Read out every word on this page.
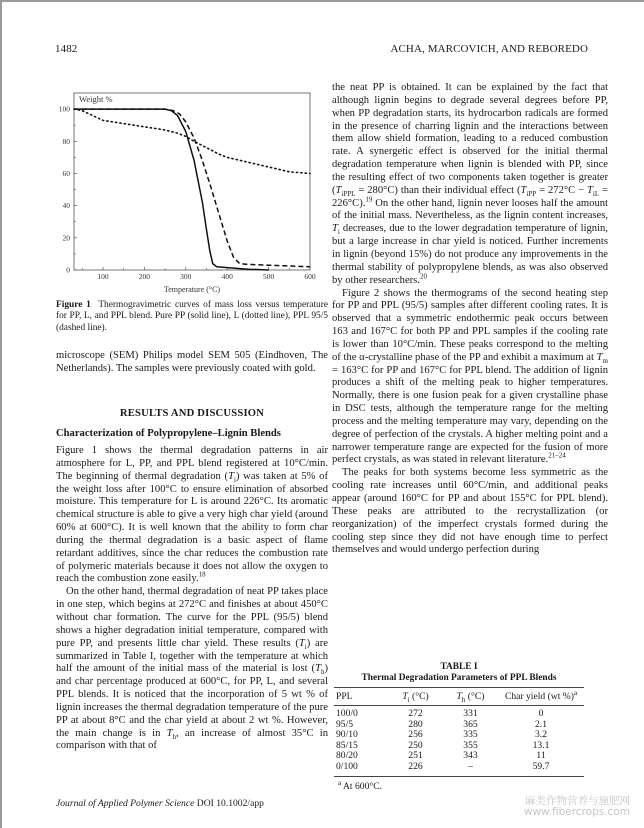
1482	ACHA, MARCOVICH, AND REBOREDO
Weight %
0
20
40
60
80
100
100	200	300	400	500	600
Temperature (°C)
Figure 1 Thermogravimetric curves of mass loss versus temperature for PP, L, and PPL blend. Pure PP (solid line), L (dotted line), PPL 95/5 (dashed line).

microscope (SEM) Philips model SEM 505 (Eindhoven, The Netherlands). The samples were previously coated with gold.

RESULTS AND DISCUSSION
Characterization of Polypropylene–Lignin Blends

Figure 1 shows the thermal degradation patterns in air atmosphere for L, PP, and PPL blend registered at 10°C/min. The beginning of thermal degradation $(T_i)$ was taken at 5% of the weight loss after 100°C to ensure elimination of absorbed moisture. This temperature for L is around 226°C. Its aromatic chemical structure is able to give a very high char yield (around 60% at 600°C). It is well known that the ability to form char during the thermal degradation is a basic aspect of flame retardant additives, since the char reduces the combustion rate of polymeric materials because it does not allow the oxygen to reach the combustion zone easily.$^{18}$

On the other hand, thermal degradation of neat PP takes place in one step, which begins at 272°C and finishes at about 450°C without char formation. The curve for the PPL (95/5) blend shows a higher degradation initial temperature, compared with pure PP, and presents little char yield. These results $(T_i)$ are summarized in Table I, together with the temperature at which half the amount of the initial mass of the material is lost $(T_h)$ and char percentage produced at 600°C, for PP, L, and several PPL blends. It is noticed that the incorporation of 5 wt % of lignin increases the thermal degradation temperature of the pure PP at about 8°C and the char yield at about 2 wt %. However, the main change is in $T_h$, an increase of almost 35°C in comparison with that of

the neat PP is obtained. It can be explained by the fact that although lignin begins to degrade several degrees before PP, when PP degradation starts, its hydrocarbon radicals are formed in the presence of charring lignin and the interactions between them allow shield formation, leading to a reduced combustion rate. A synergetic effect is observed for the initial thermal degradation temperature when lignin is blended with PP, since the resulting effect of two components taken together is greater $(T_{iPPL} = 280^\circ C)$ than their individual effect $(T_{iPP} = 272^\circ C - T_{iL} = 226^\circ C).^{19}$ On the other hand, lignin never looses half the amount of the initial mass. Nevertheless, as the lignin content increases, $T_i$ decreases, due to the lower degradation temperature of lignin, but a large increase in char yield is noticed. Further increments in lignin (beyond 15%) do not produce any improvements in the thermal stability of polypropylene blends, as was also observed by other researchers.$^{20}$

Figure 2 shows the thermograms of the second heating step for PP and PPL (95/5) samples after different cooling rates. It is observed that a symmetric endothermic peak occurs between 163 and 167°C for both PP and PPL samples if the cooling rate is lower than 10°C/min. These peaks correspond to the melting of the α-crystalline phase of the PP and exhibit a maximum at $T_m = 163^\circ C$ for PP and 167°C for PPL blend. The addition of lignin produces a shift of the melting peak to higher temperatures. Normally, there is one fusion peak for a given crystalline phase in DSC tests, although the temperature range for the melting process and the melting temperature may vary, depending on the degree of perfection of the crystals. A higher melting point and a narrower temperature range are expected for the fusion of more perfect crystals, as was stated in relevant literature.$^{21-24}$

The peaks for both systems become less symmetric as the cooling rate increases until 60°C/min, and additional peaks appear (around 160°C for PP and about 155°C for PPL blend). These peaks are attributed to the recrystallization (or reorganization) of the imperfect crystals formed during the cooling step since they did not have enough time to perfect themselves and would undergo perfection during

TABLE I
Thermal Degradation Parameters of PPL Blends
PPL	$T_i$ (°C)	$T_h$ (°C)	Char yield (wt %)$^a$
100/0	272	331	0
95/5	280	365	2.1
90/10	256	335	3.2
85/15	250	355	13.1
80/20	251	343	11
0/100	226	–	59.7
$^a$ At 600°C.
Journal of Applied Polymer Science DOI 10.1002/app	麻类作物营养与施肥网
www.fibercrops.com
